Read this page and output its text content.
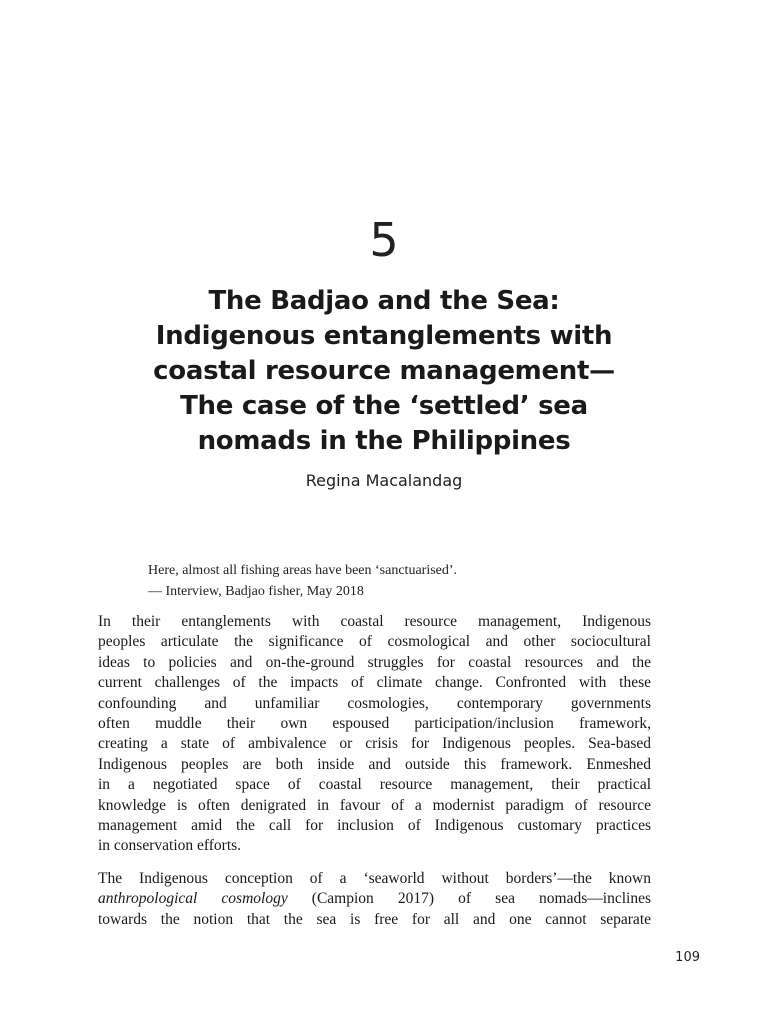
5
The Badjao and the Sea:
Indigenous entanglements with
coastal resource management—
The case of the ‘settled’ sea
nomads in the Philippines
Regina Macalandag

Here, almost all fishing areas have been ‘sanctuarised’.

— Interview, Badjao fisher, May 2018

In their entanglements with coastal resource management, Indigenous
peoples articulate the significance of cosmological and other sociocultural
ideas to policies and on-the-ground struggles for coastal resources and the
current challenges of the impacts of climate change. Confronted with these
confounding and unfamiliar cosmologies, contemporary governments
often muddle their own espoused participation/inclusion framework,
creating a state of ambivalence or crisis for Indigenous peoples. Sea-based
Indigenous peoples are both inside and outside this framework. Enmeshed
in a negotiated space of coastal resource management, their practical
knowledge is often denigrated in favour of a modernist paradigm of resource
management amid the call for inclusion of Indigenous customary practices
in conservation efforts.
The Indigenous conception of a ‘seaworld without borders’—the known
anthropological cosmology (Campion 2017) of sea nomads—inclines
towards the notion that the sea is free for all and one cannot separate
109
